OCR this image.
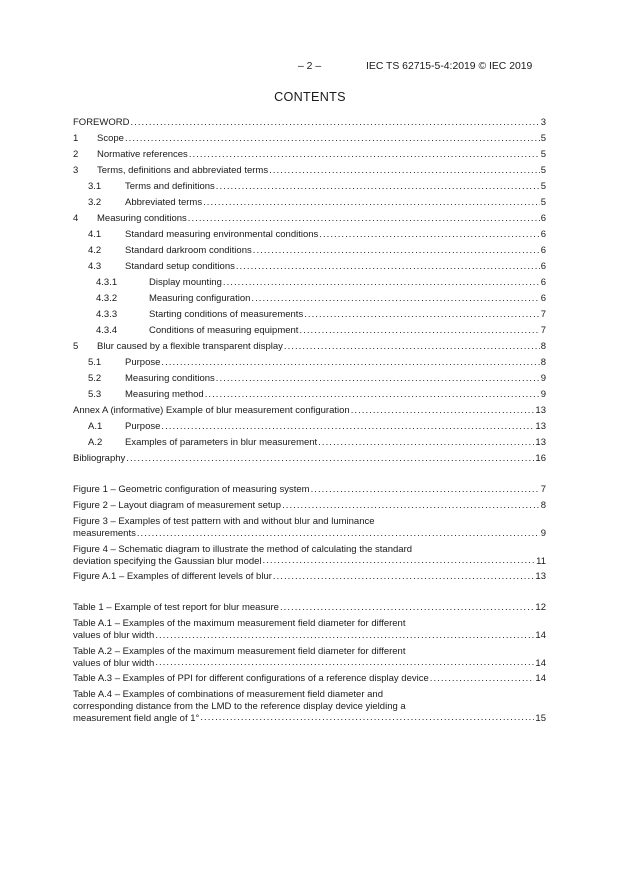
– 2 –	IEC TS 62715-5-4:2019 © IEC 2019
CONTENTS
FOREWORD .....	3
1	Scope .....	5
2	Normative references .....	5
3	Terms, definitions and abbreviated terms .....	5
3.1	Terms and definitions .....	5
3.2	Abbreviated terms .....	5
4	Measuring conditions .....	6
4.1	Standard measuring environmental conditions .....	6
4.2	Standard darkroom conditions .....	6
4.3	Standard setup conditions .....	6
4.3.1	Display mounting .....	6
4.3.2	Measuring configuration .....	6
4.3.3	Starting conditions of measurements .....	7
4.3.4	Conditions of measuring equipment .....	7
5	Blur caused by a flexible transparent display .....	8
5.1	Purpose .....	8
5.2	Measuring conditions .....	9
5.3	Measuring method .....	9
Annex A (informative) Example of blur measurement configuration .....	13
A.1	Purpose .....	13
A.2	Examples of parameters in blur measurement .....	13
Bibliography .....	16
Figure 1 – Geometric configuration of measuring system .....	7
Figure 2 – Layout diagram of measurement setup .....	8
Figure 3 – Examples of test pattern with and without blur and luminance
measurements .....	9
Figure 4 – Schematic diagram to illustrate the method of calculating the standard
deviation specifying the Gaussian blur model .....	11
Figure A.1 – Examples of different levels of blur .....	13
Table 1 – Example of test report for blur measure .....	12
Table A.1 – Examples of the maximum measurement field diameter for different
values of blur width .....	14
Table A.2 – Examples of the maximum measurement field diameter for different
values of blur width .....	14
Table A.3 – Examples of PPI for different configurations of a reference display device .....	14
Table A.4 – Examples of combinations of measurement field diameter and
corresponding distance from the LMD to the reference display device yielding a
measurement field angle of 1° .....	15
